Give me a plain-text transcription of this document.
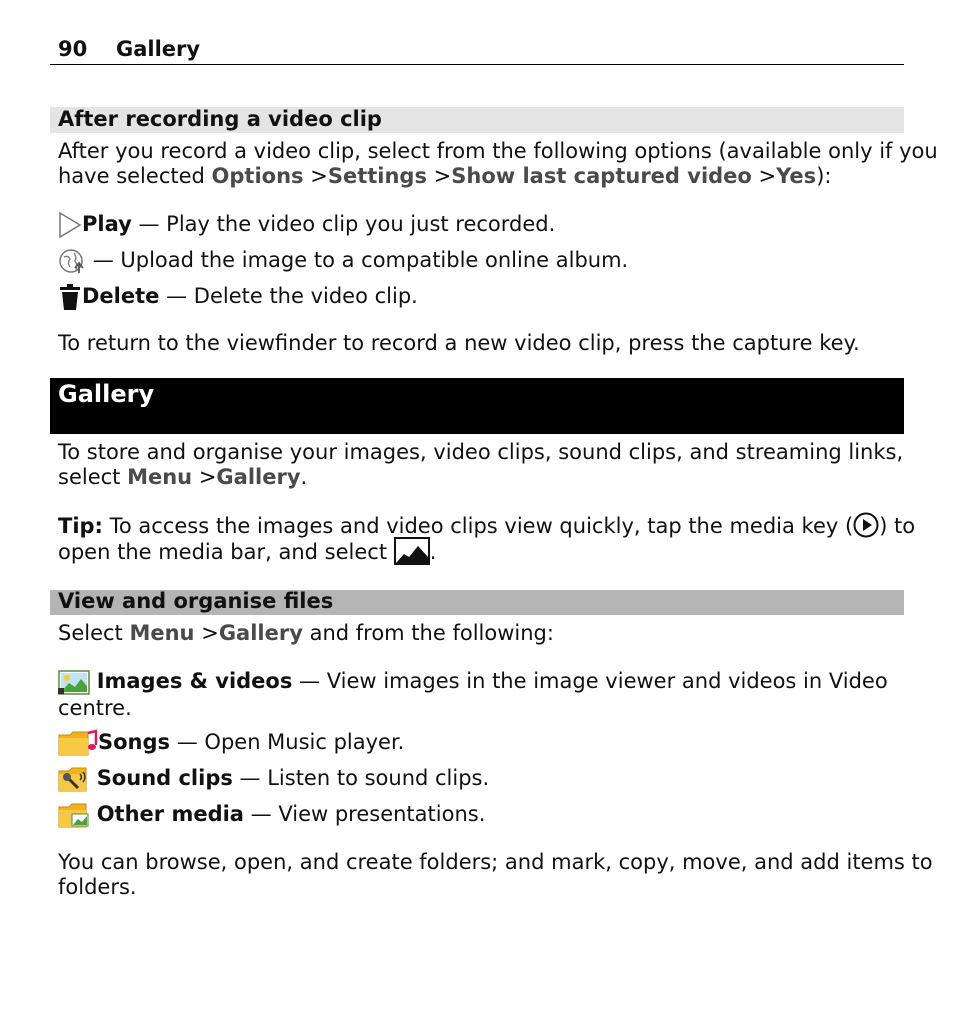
90 Gallery
After recording a video clip
After you record a video clip, select from the following options (available only if you
have selected Options >Settings >Show last captured video >Yes):
Play — Play the video clip you just recorded.
— Upload the image to a compatible online album.
Delete — Delete the video clip.
To return to the viewfinder to record a new video clip, press the capture key.
Gallery
To store and organise your images, video clips, sound clips, and streaming links,
select Menu >Gallery.
Tip: To access the images and video clips view quickly, tap the media key ( ) to
open the media bar, and select .
View and organise files
Select Menu >Gallery and from the following:
Images & videos — View images in the image viewer and videos in Video
centre.
Songs — Open Music player.
Sound clips — Listen to sound clips.
Other media — View presentations.
You can browse, open, and create folders; and mark, copy, move, and add items to
folders.
